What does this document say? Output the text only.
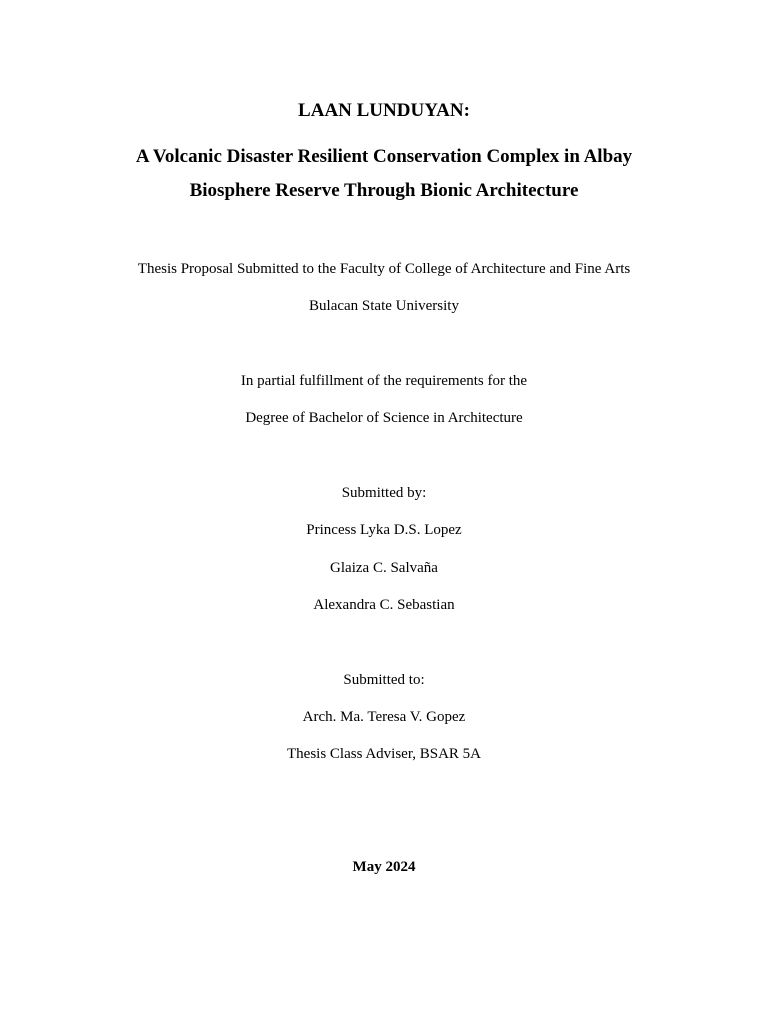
LAAN LUNDUYAN:
A Volcanic Disaster Resilient Conservation Complex in Albay
Biosphere Reserve Through Bionic Architecture
Thesis Proposal Submitted to the Faculty of College of Architecture and Fine Arts
Bulacan State University
In partial fulfillment of the requirements for the
Degree of Bachelor of Science in Architecture
Submitted by:
Princess Lyka D.S. Lopez
Glaiza C. Salvaña
Alexandra C. Sebastian
Submitted to:
Arch. Ma. Teresa V. Gopez
Thesis Class Adviser, BSAR 5A
May 2024
